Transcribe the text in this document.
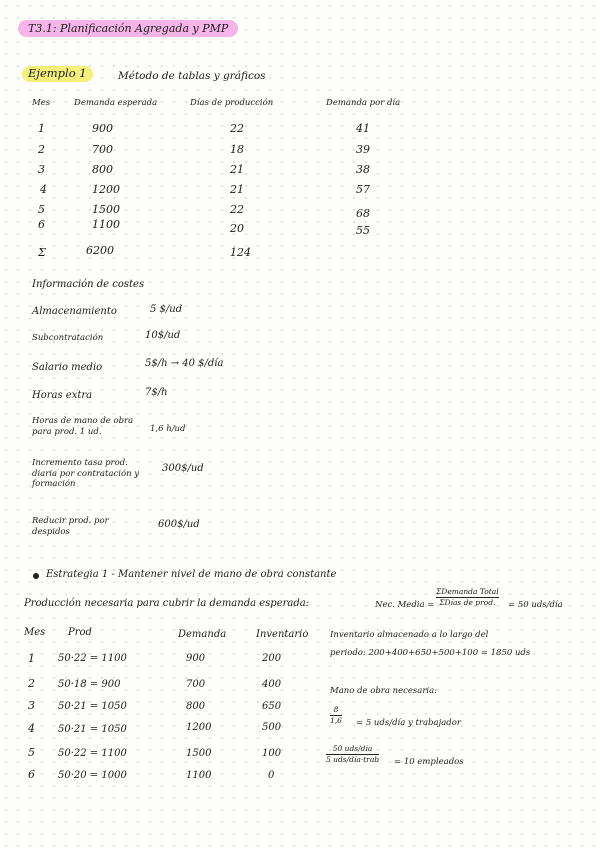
T3.1: Planificación Agregada y PMP
Ejemplo 1	Método de tablas y gráficos
Mes	Demanda esperada	Días de producción	Demanda por día
1	900	22	41
2	700	18	39
3	800	21	38
4	1200	21	57
5	1500	22	68
6	1100	20	55
Σ	6200	124
Información de costes
Almacenamiento	5 $/ud
Subcontratación	10$/ud
Salario medio	5$/h → 40 $/día
Horas extra	7$/h
Horas de mano de obra para prod. 1 ud.	1,6 h/ud
Incremento tasa prod. diaria por contratación y formación
300$/ud
Reducir prod. por despidos
600$/ud
Estrategia 1 - Mantener nivel de mano de obra constante
Producción necesaria para cubrir la demanda esperada:	Nec. Media =
ΣDemanda Total
ΣDías de prod. = 50 uds/día
Mes Prod	Demanda	Inventario
1 50·22 = 1100	900	200
2 50·18 = 900	700	400
3 50·21 = 1050	800	650
4 50·21 = 1050	1200	500
5 50·22 = 1100	1500	100
6 50·20 = 1000	1100	0
Inventario almacenado a lo largo del
periodo: 200+400+650+500+100 = 1850 uds
Mano de obra necesaria:
8
1,6 = 5 uds/día y trabajador
50 uds/día
5 uds/día·trab = 10 empleados
